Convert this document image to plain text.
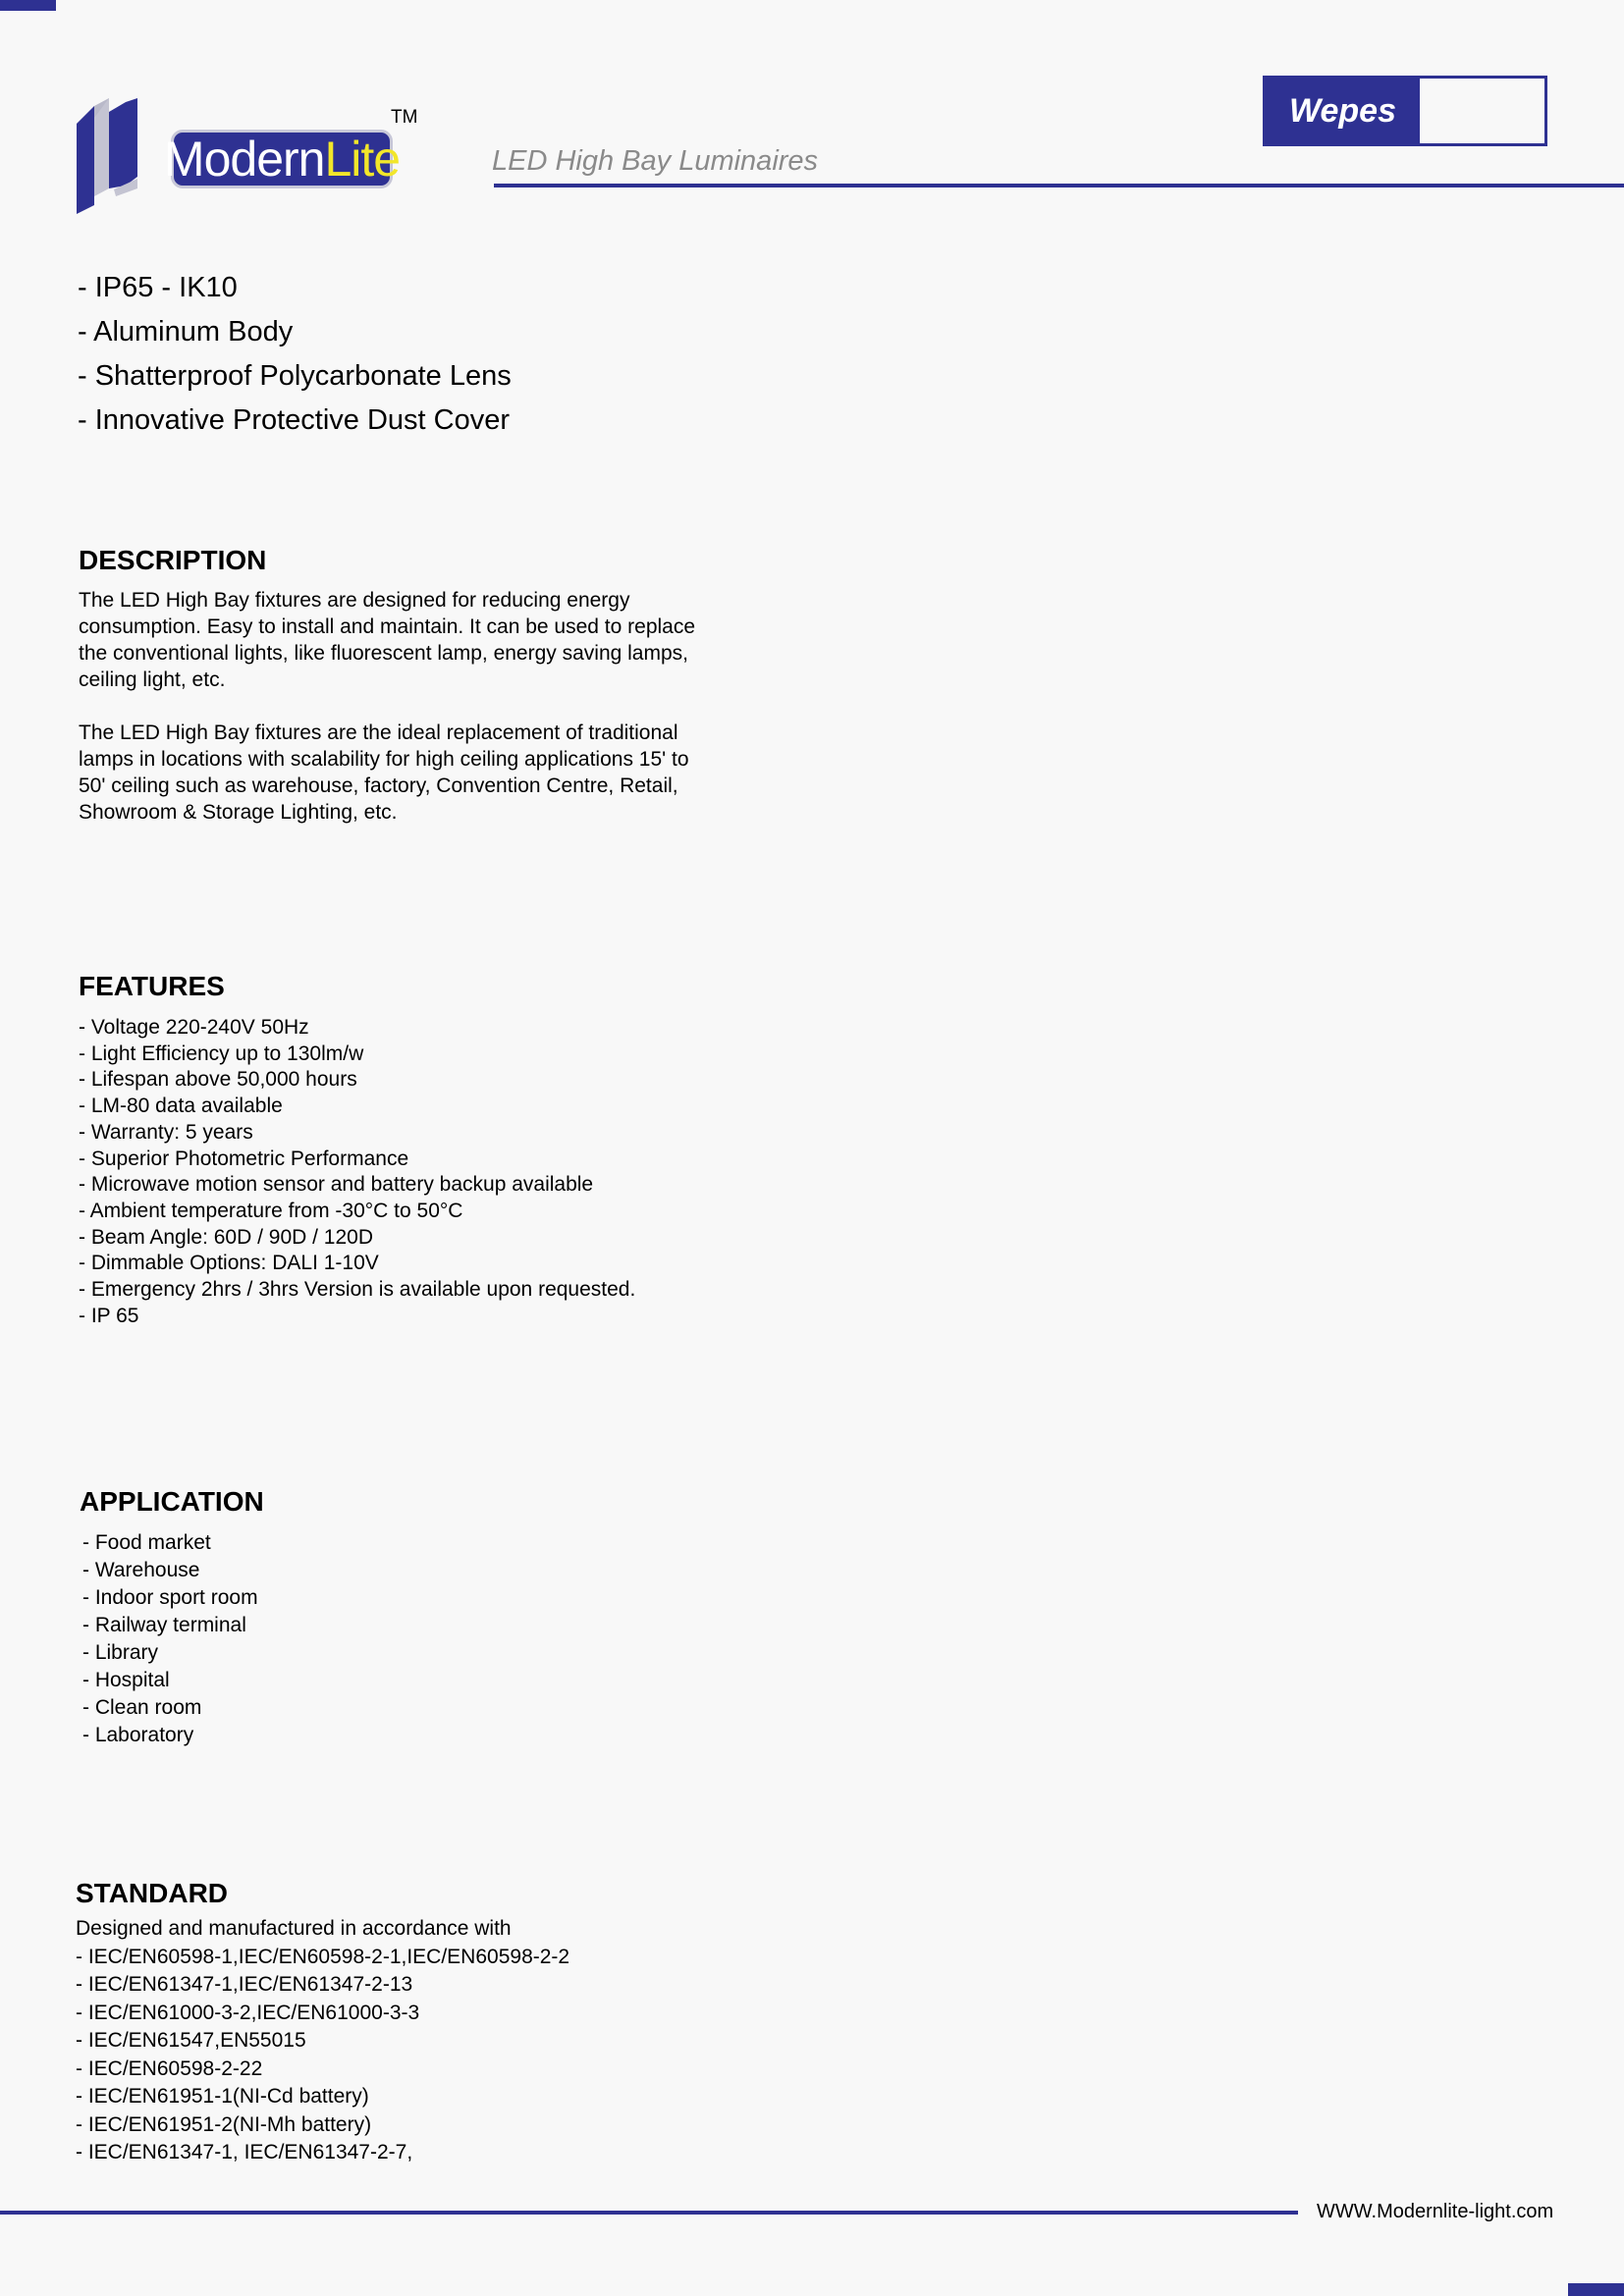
Modern Lite
TM
LED High Bay Luminaires
Wepes
- IP65 - IK10
- Aluminum Body
- Shatterproof Polycarbonate Lens
- Innovative Protective Dust Cover
DESCRIPTION

The LED High Bay fixtures are designed for reducing energy consumption. Easy to install and maintain. It can be used to replace the conventional lights, like fluorescent lamp, energy saving lamps, ceiling light, etc.

The LED High Bay fixtures are the ideal replacement of traditional lamps in locations with scalability for high ceiling applications 15' to 50' ceiling such as warehouse, factory, Convention Centre, Retail, Showroom & Storage Lighting, etc.

FEATURES
- Voltage 220-240V 50Hz
- Light Efficiency up to 130lm/w
- Lifespan above 50,000 hours
- LM-80 data available
- Warranty: 5 years
- Superior Photometric Performance
- Microwave motion sensor and battery backup available
- Ambient temperature from -30°C to 50°C
- Beam Angle: 60D / 90D / 120D
- Dimmable Options: DALI 1-10V
- Emergency 2hrs / 3hrs Version is available upon requested.
- IP 65
APPLICATION
- Food market
- Warehouse
- Indoor sport room
- Railway terminal
- Library
- Hospital
- Clean room
- Laboratory
STANDARD

Designed and manufactured in accordance with

- IEC/EN60598-1,IEC/EN60598-2-1,IEC/EN60598-2-2
- IEC/EN61347-1,IEC/EN61347-2-13
- IEC/EN61000-3-2,IEC/EN61000-3-3
- IEC/EN61547,EN55015
- IEC/EN60598-2-22
- IEC/EN61951-1(NI-Cd battery)
- IEC/EN61951-2(NI-Mh battery)
- IEC/EN61347-1, IEC/EN61347-2-7,
WWW.Modernlite-light.com
